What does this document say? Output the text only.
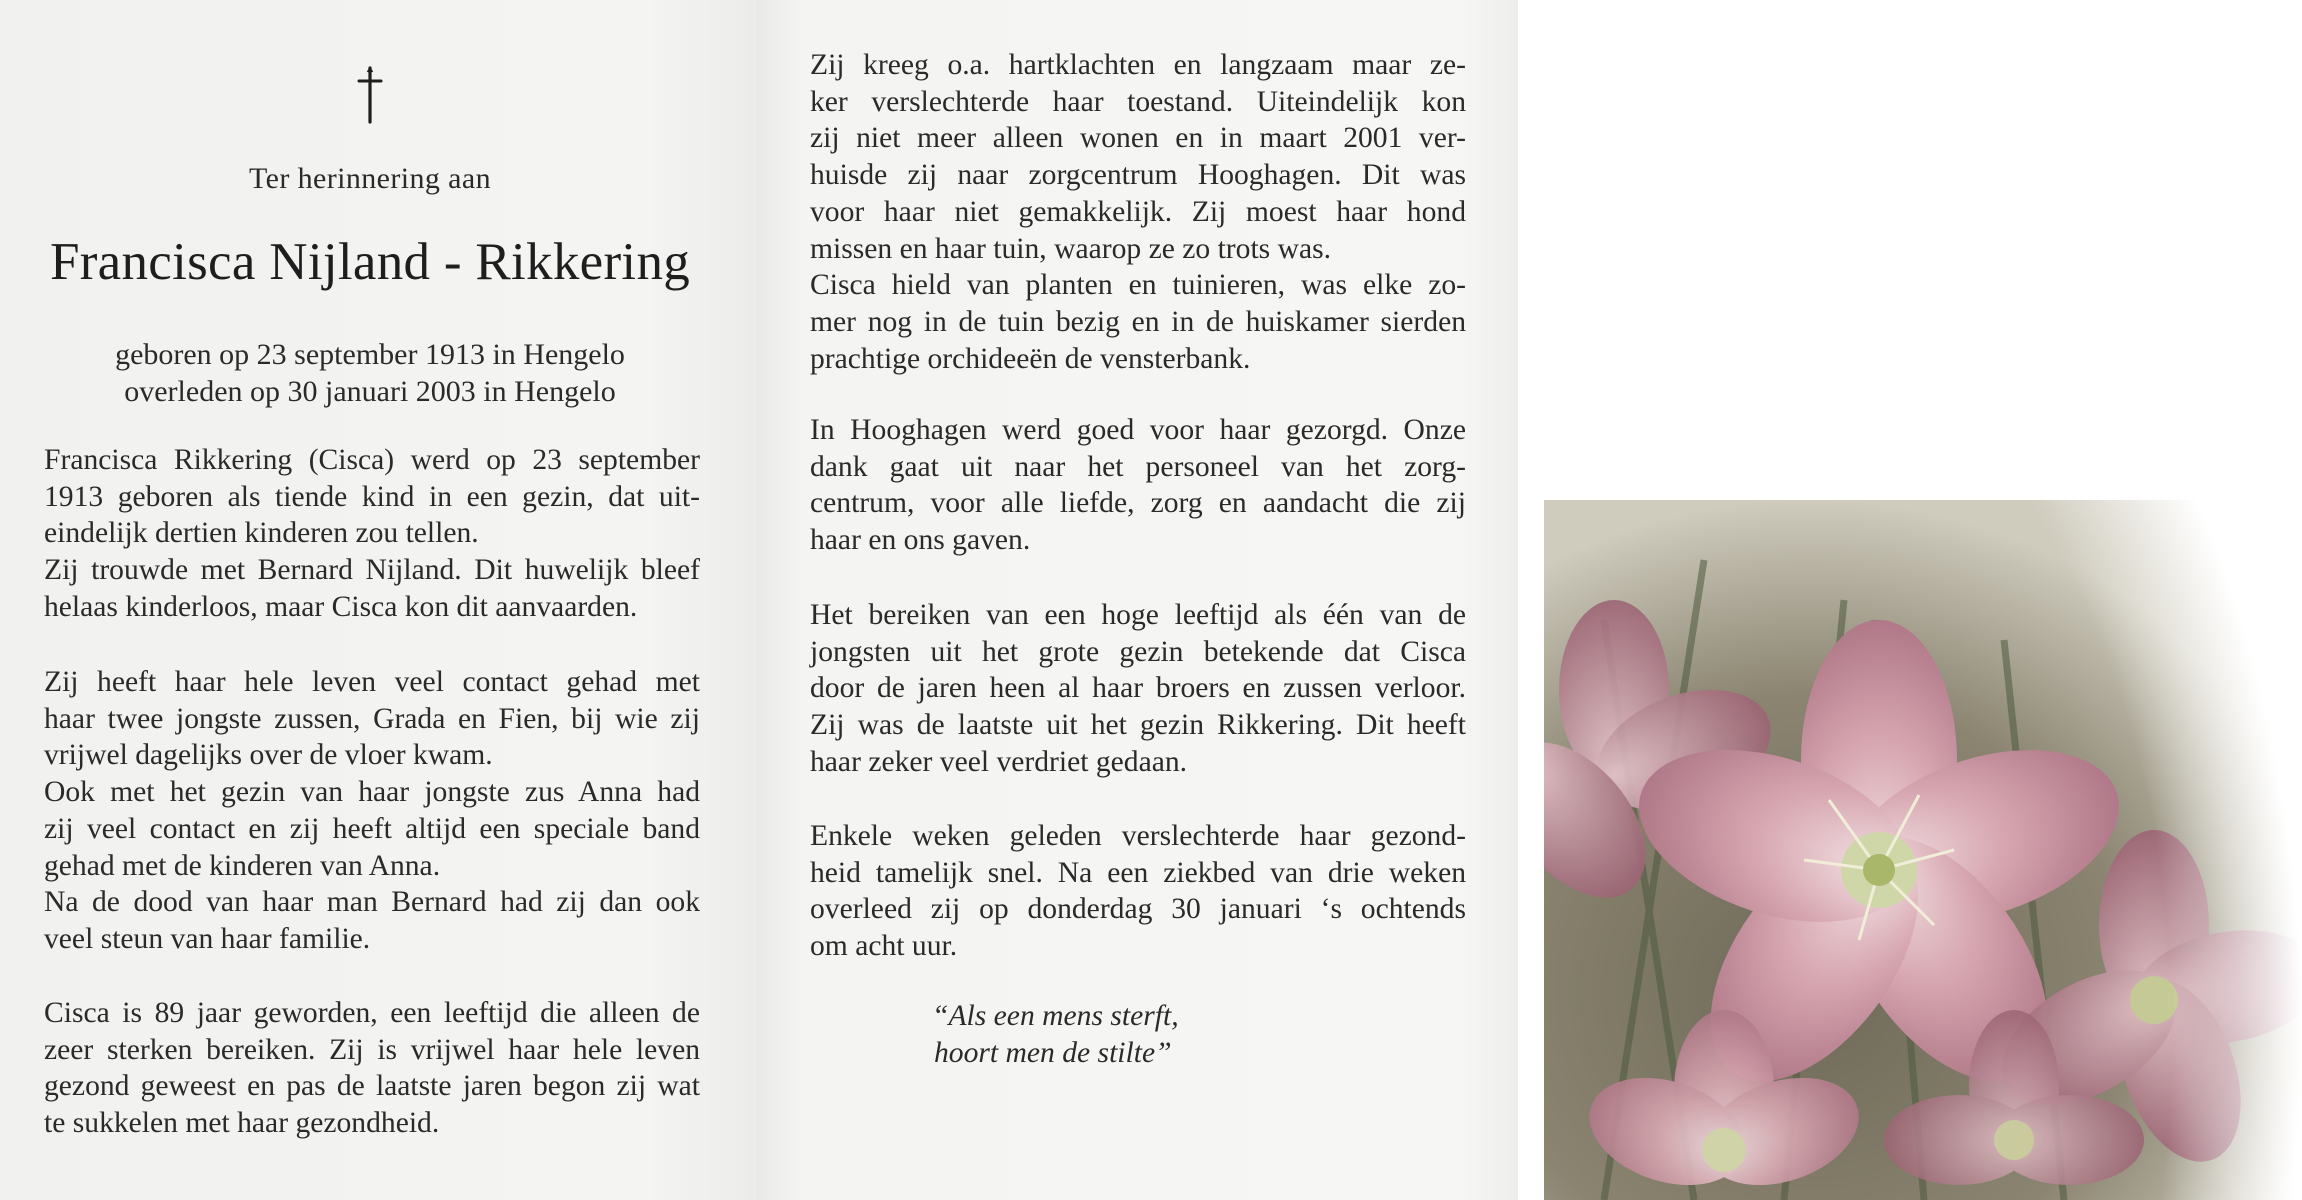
Ter herinnering aan
Francisca Nijland - Rikkering
geboren op 23 september 1913 in Hengelo
overleden op 30 januari 2003 in Hengelo
Francisca Rikkering (Cisca) werd op 23 september
1913 geboren als tiende kind in een gezin, dat uit-
eindelijk dertien kinderen zou tellen.
Zij trouwde met Bernard Nijland. Dit huwelijk bleef
helaas kinderloos, maar Cisca kon dit aanvaarden.
Zij heeft haar hele leven veel contact gehad met
haar twee jongste zussen, Grada en Fien, bij wie zij
vrijwel dagelijks over de vloer kwam.
Ook met het gezin van haar jongste zus Anna had
zij veel contact en zij heeft altijd een speciale band
gehad met de kinderen van Anna.
Na de dood van haar man Bernard had zij dan ook
veel steun van haar familie.
Cisca is 89 jaar geworden, een leeftijd die alleen de
zeer sterken bereiken. Zij is vrijwel haar hele leven
gezond geweest en pas de laatste jaren begon zij wat
te sukkelen met haar gezondheid.
Zij kreeg o.a. hartklachten en langzaam maar ze-
ker verslechterde haar toestand. Uiteindelijk kon
zij niet meer alleen wonen en in maart 2001 ver-
huisde zij naar zorgcentrum Hooghagen. Dit was
voor haar niet gemakkelijk. Zij moest haar hond
missen en haar tuin, waarop ze zo trots was.
Cisca hield van planten en tuinieren, was elke zo-
mer nog in de tuin bezig en in de huiskamer sierden
prachtige orchideeën de vensterbank.
In Hooghagen werd goed voor haar gezorgd. Onze
dank gaat uit naar het personeel van het zorg-
centrum, voor alle liefde, zorg en aandacht die zij
haar en ons gaven.
Het bereiken van een hoge leeftijd als één van de
jongsten uit het grote gezin betekende dat Cisca
door de jaren heen al haar broers en zussen verloor.
Zij was de laatste uit het gezin Rikkering. Dit heeft
haar zeker veel verdriet gedaan.
Enkele weken geleden verslechterde haar gezond-
heid tamelijk snel. Na een ziekbed van drie weken
overleed zij op donderdag 30 januari ‘s ochtends
om acht uur.
“Als een mens sterft,
hoort men de stilte”
